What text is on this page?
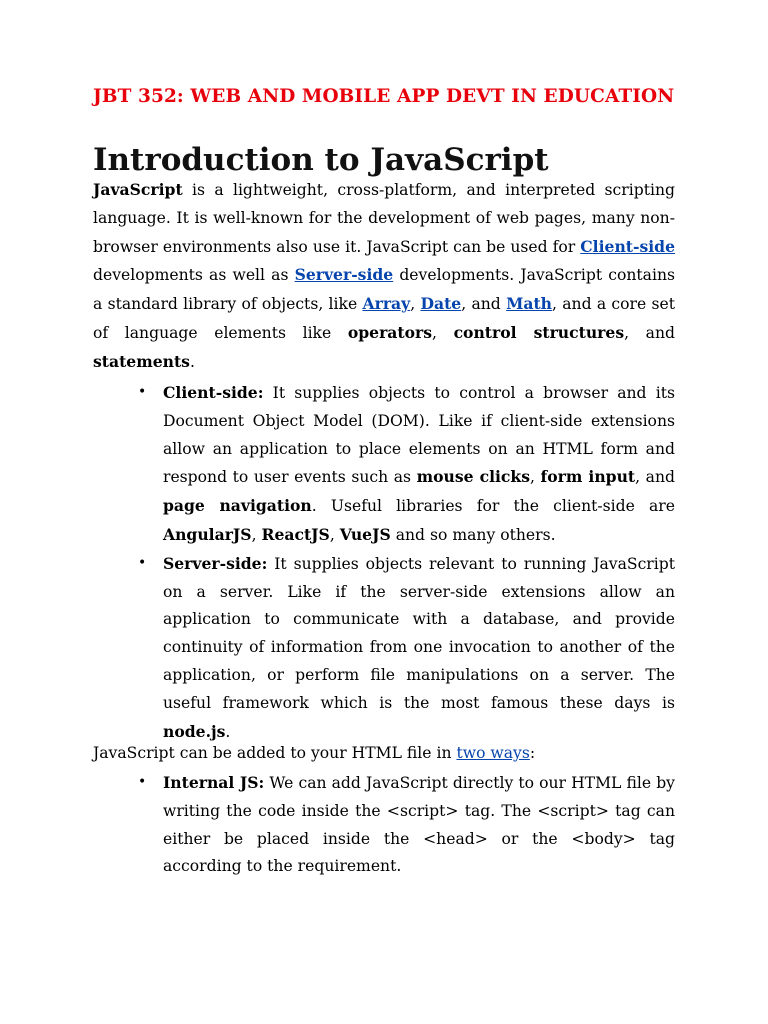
JBT 352: WEB AND MOBILE APP DEVT IN EDUCATION
Introduction to JavaScript

JavaScript is a lightweight, cross-platform, and interpreted scripting language. It is well-known for the development of web pages, many non-browser environments also use it. JavaScript can be used for Client-side developments as well as Server-side developments. JavaScript contains a standard library of objects, like Array, Date, and Math, and a core set of language elements like operators, control structures, and statements.

• Client-side: It supplies objects to control a browser and its Document Object Model (DOM). Like if client-side extensions allow an application to place elements on an HTML form and respond to user events such as mouse clicks, form input, and page navigation. Useful libraries for the client-side are AngularJS, ReactJS, VueJS and so many others.
• Server-side: It supplies objects relevant to running JavaScript on a server. Like if the server-side extensions allow an application to communicate with a database, and provide continuity of information from one invocation to another of the application, or perform file manipulations on a server. The useful framework which is the most famous these days is node.js.

JavaScript can be added to your HTML file in two ways:

• Internal JS: We can add JavaScript directly to our HTML file by writing the code inside the <script> tag. The <script> tag can either be placed inside the <head> or the <body> tag according to the requirement.
